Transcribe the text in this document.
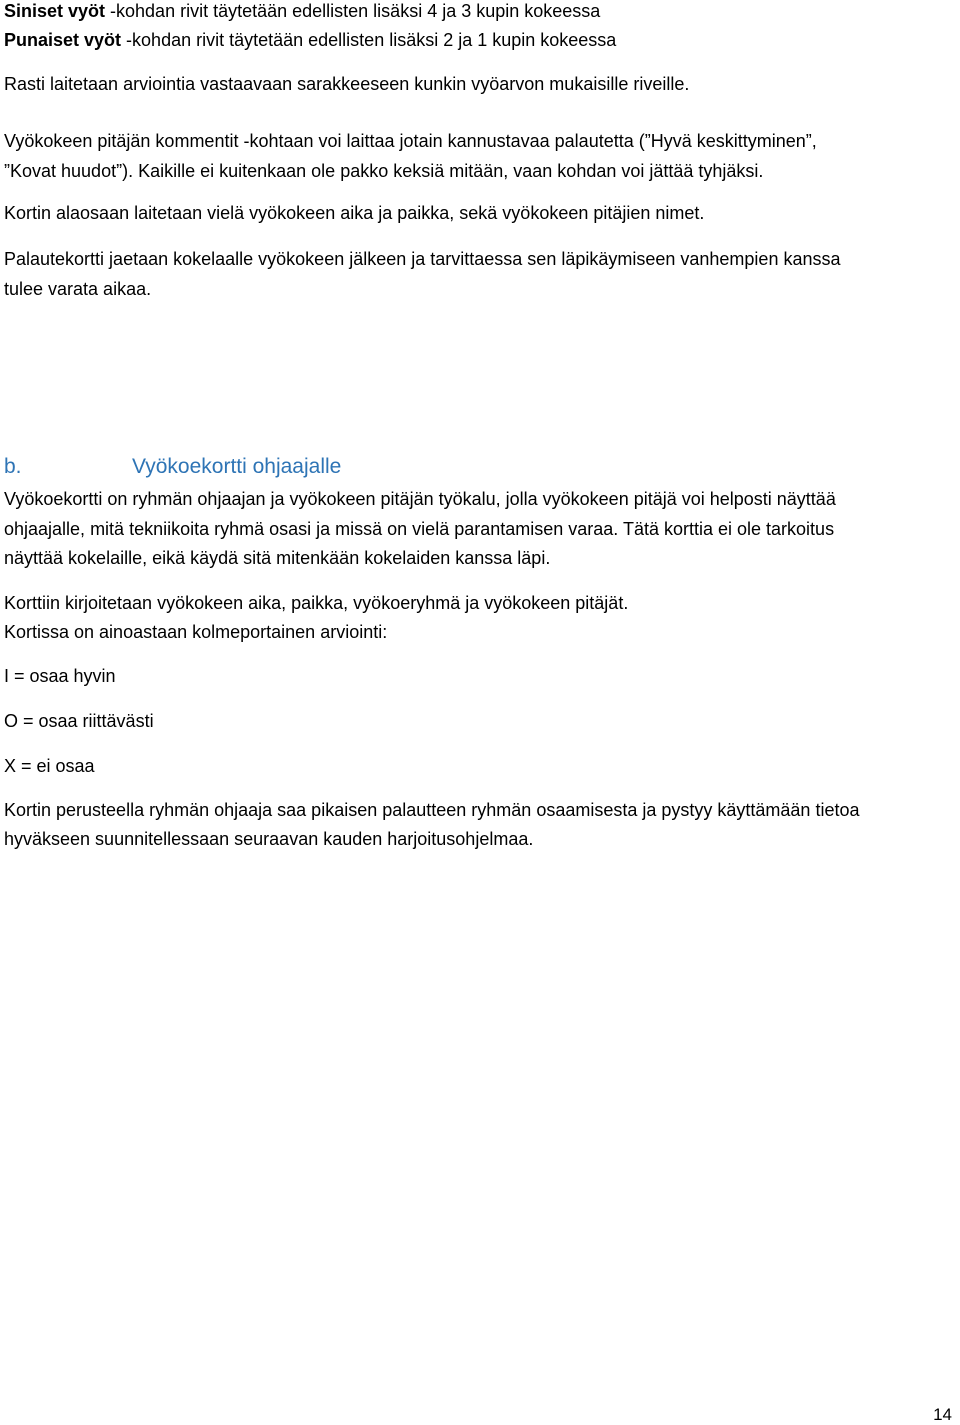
Siniset vyöt -kohdan rivit täytetään edellisten lisäksi 4 ja 3 kupin kokeessa
Punaiset vyöt -kohdan rivit täytetään edellisten lisäksi 2 ja 1 kupin kokeessa
Rasti laitetaan arviointia vastaavaan sarakkeeseen kunkin vyöarvon mukaisille riveille.
Vyökokeen pitäjän kommentit -kohtaan voi laittaa jotain kannustavaa palautetta (”Hyvä keskittyminen”,
”Kovat huudot”). Kaikille ei kuitenkaan ole pakko keksiä mitään, vaan kohdan voi jättää tyhjäksi.
Kortin alaosaan laitetaan vielä vyökokeen aika ja paikka, sekä vyökokeen pitäjien nimet.
Palautekortti jaetaan kokelaalle vyökokeen jälkeen ja tarvittaessa sen läpikäymiseen vanhempien kanssa
tulee varata aikaa.
b.	Vyökoekortti ohjaajalle
Vyökoekortti on ryhmän ohjaajan ja vyökokeen pitäjän työkalu, jolla vyökokeen pitäjä voi helposti näyttää
ohjaajalle, mitä tekniikoita ryhmä osasi ja missä on vielä parantamisen varaa. Tätä korttia ei ole tarkoitus
näyttää kokelaille, eikä käydä sitä mitenkään kokelaiden kanssa läpi.
Korttiin kirjoitetaan vyökokeen aika, paikka, vyökoeryhmä ja vyökokeen pitäjät.
Kortissa on ainoastaan kolmeportainen arviointi:
I = osaa hyvin
O = osaa riittävästi
X = ei osaa
Kortin perusteella ryhmän ohjaaja saa pikaisen palautteen ryhmän osaamisesta ja pystyy käyttämään tietoa
hyväkseen suunnitellessaan seuraavan kauden harjoitusohjelmaa.
14
